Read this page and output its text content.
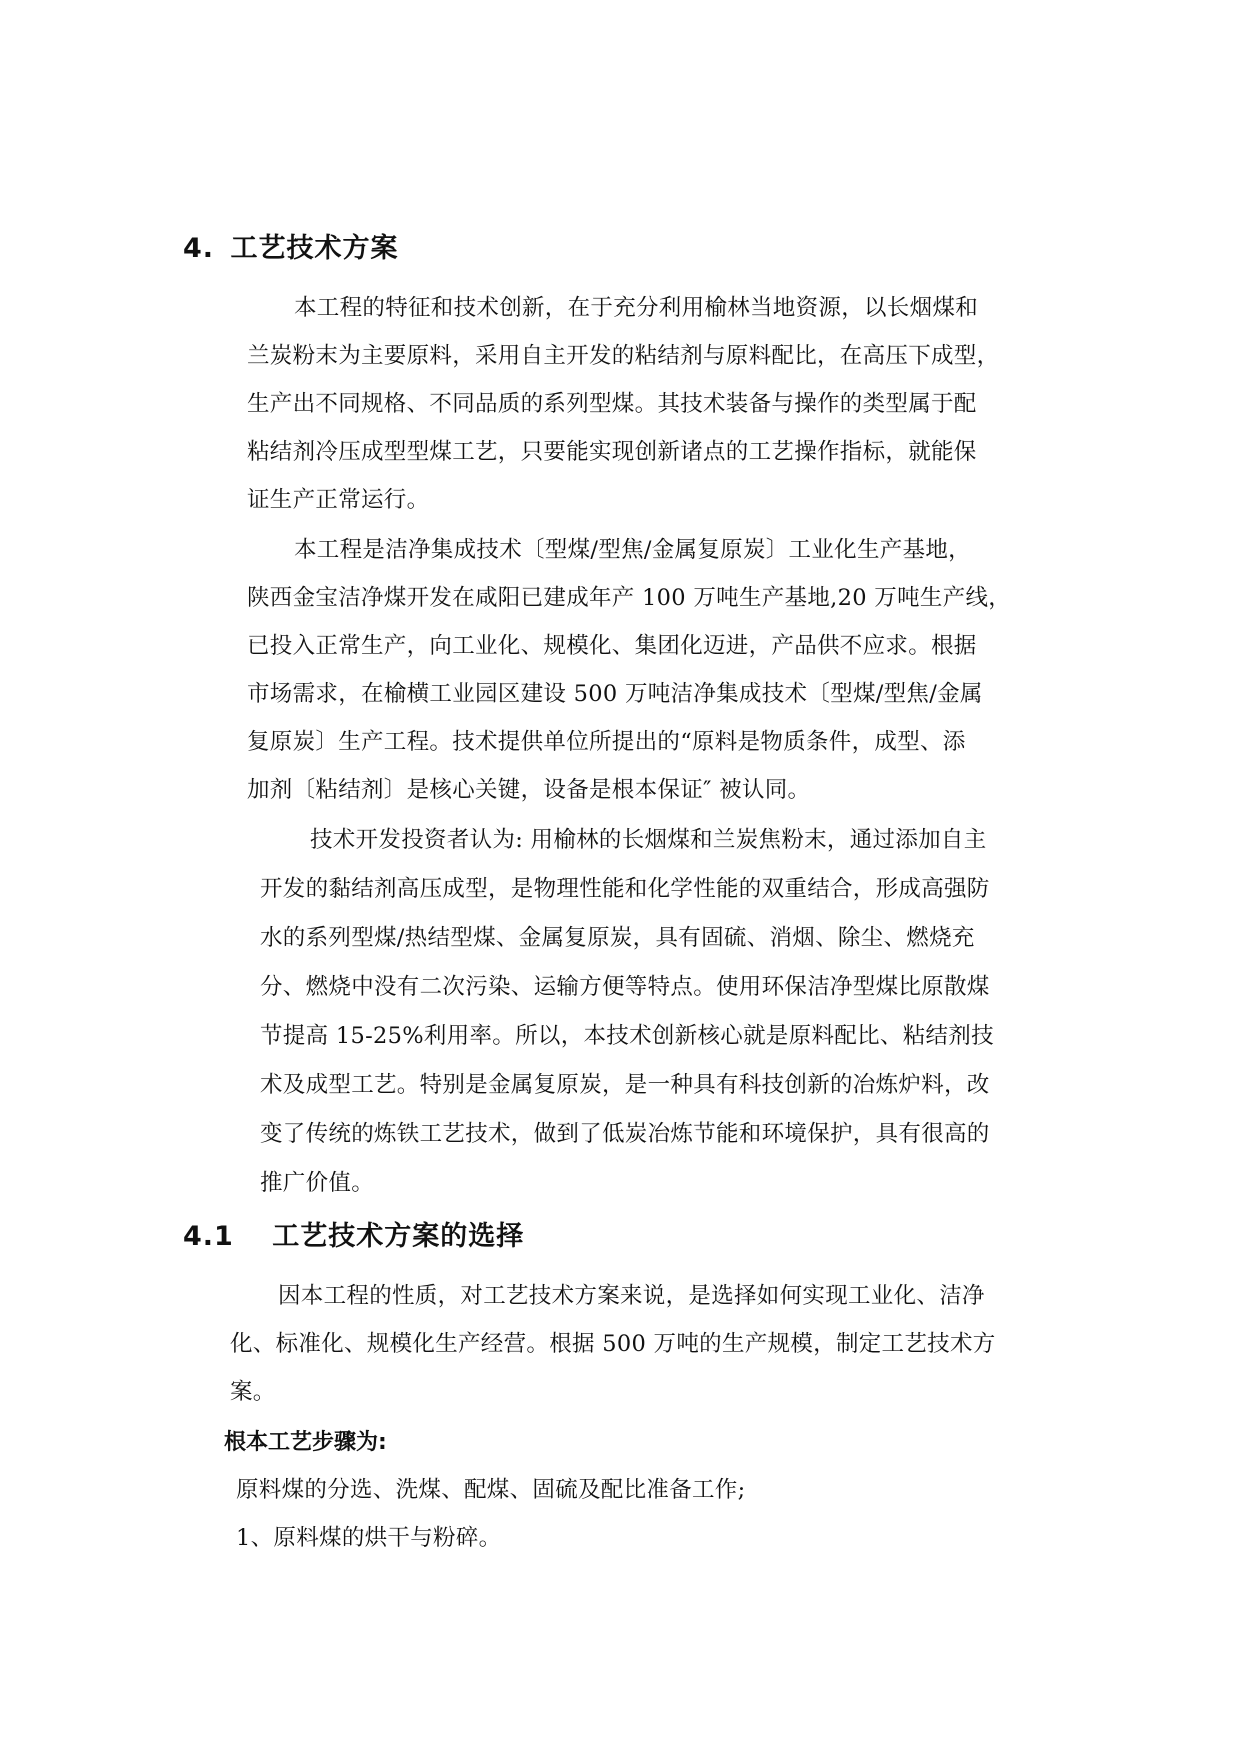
4. 工艺技术方案
本工程的特征和技术创新，在于充分利用榆林当地资源，以长烟煤和
兰炭粉末为主要原料，采用自主开发的粘结剂与原料配比，在高压下成型，
生产出不同规格、不同品质的系列型煤。其技术装备与操作的类型属于配
粘结剂冷压成型型煤工艺，只要能实现创新诸点的工艺操作指标，就能保
证生产正常运行。
本工程是洁净集成技术〔型煤/型焦/金属复原炭〕工业化生产基地，
陕西金宝洁净煤开发在咸阳已建成年产 100 万吨生产基地,20 万吨生产线，
已投入正常生产，向工业化、规模化、集团化迈进，产品供不应求。根据
市场需求，在榆横工业园区建设 500 万吨洁净集成技术〔型煤/型焦/金属
复原炭〕生产工程。技术提供单位所提出的“原料是物质条件，成型、添
加剂〔粘结剂〕是核心关键，设备是根本保证″ 被认同。
技术开发投资者认为: 用榆林的长烟煤和兰炭焦粉末，通过添加自主
开发的黏结剂高压成型，是物理性能和化学性能的双重结合，形成高强防
水的系列型煤/热结型煤、金属复原炭，具有固硫、消烟、除尘、燃烧充
分、燃烧中没有二次污染、运输方便等特点。使用环保洁净型煤比原散煤
节提高 15-25%利用率。所以，本技术创新核心就是原料配比、粘结剂技
术及成型工艺。特别是金属复原炭，是一种具有科技创新的冶炼炉料，改
变了传统的炼铁工艺技术，做到了低炭冶炼节能和环境保护，具有很高的
推广价值。
4.1 工艺技术方案的选择
因本工程的性质，对工艺技术方案来说，是选择如何实现工业化、洁净
化、标准化、规模化生产经营。根据 500 万吨的生产规模，制定工艺技术方
案。
根本工艺步骤为:
原料煤的分选、洗煤、配煤、固硫及配比准备工作;
1、原料煤的烘干与粉碎。
